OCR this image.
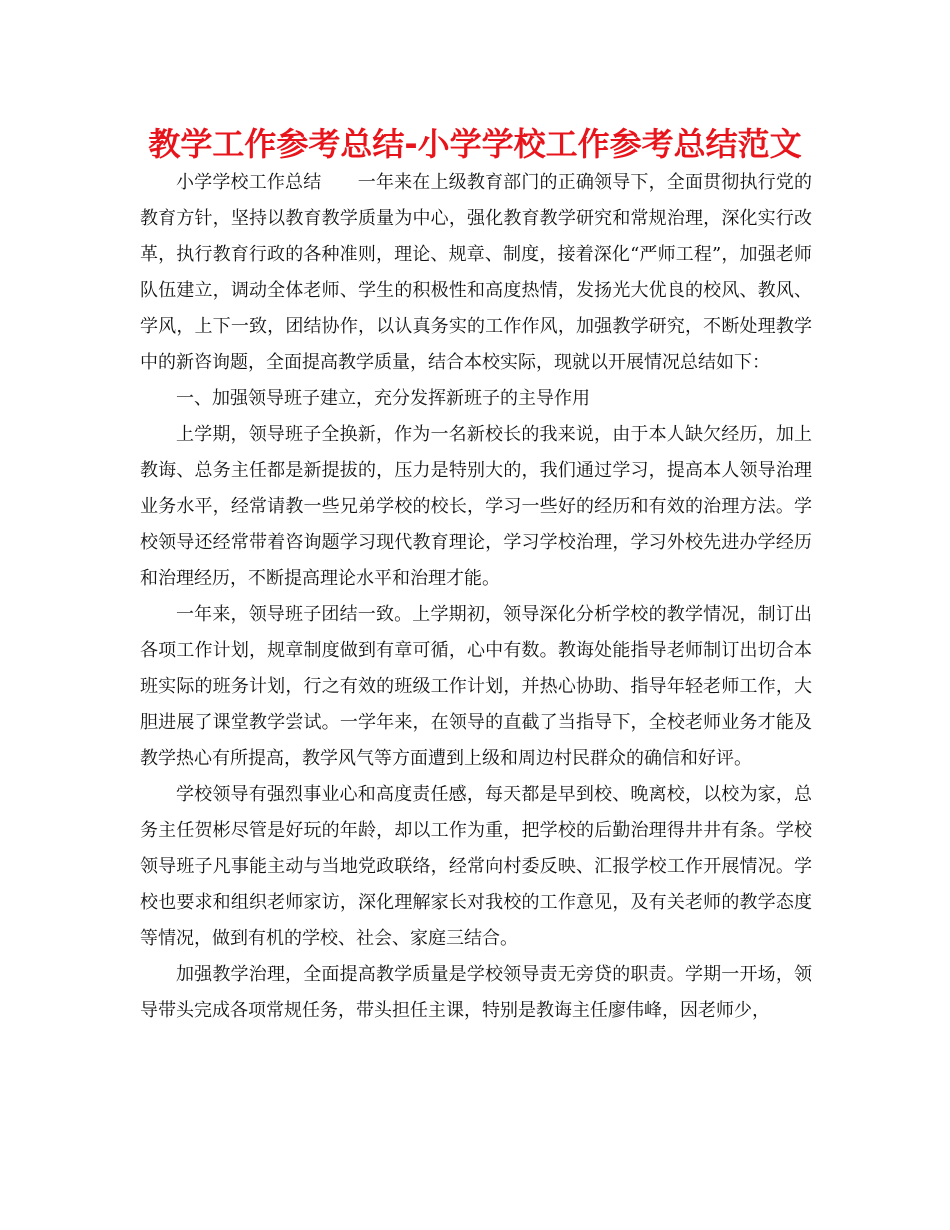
教学工作参考总结-小学学校工作参考总结范文

小学学校工作总结　　一年来在上级教育部门的正确领导下，全面贯彻执行党的教育方针，坚持以教育教学质量为中心，强化教育教学研究和常规治理，深化实行改革，执行教育行政的各种准则，理论、规章、制度，接着深化“严师工程”，加强老师队伍建立，调动全体老师、学生的积极性和高度热情，发扬光大优良的校风、教风、学风，上下一致，团结协作，以认真务实的工作作风，加强教学研究，不断处理教学中的新咨询题，全面提高教学质量，结合本校实际，现就以开展情况总结如下：

一、加强领导班子建立，充分发挥新班子的主导作用

上学期，领导班子全换新，作为一名新校长的我来说，由于本人缺欠经历，加上教诲、总务主任都是新提拔的，压力是特别大的，我们通过学习，提高本人领导治理业务水平，经常请教一些兄弟学校的校长，学习一些好的经历和有效的治理方法。学校领导还经常带着咨询题学习现代教育理论，学习学校治理，学习外校先进办学经历和治理经历，不断提高理论水平和治理才能。

一年来，领导班子团结一致。上学期初，领导深化分析学校的教学情况，制订出各项工作计划，规章制度做到有章可循，心中有数。教诲处能指导老师制订出切合本班实际的班务计划，行之有效的班级工作计划，并热心协助、指导年轻老师工作，大胆进展了课堂教学尝试。一学年来，在领导的直截了当指导下，全校老师业务才能及教学热心有所提高，教学风气等方面遭到上级和周边村民群众的确信和好评。

学校领导有强烈事业心和高度责任感，每天都是早到校、晚离校，以校为家，总务主任贺彬尽管是好玩的年龄，却以工作为重，把学校的后勤治理得井井有条。学校领导班子凡事能主动与当地党政联络，经常向村委反映、汇报学校工作开展情况。学校也要求和组织老师家访，深化理解家长对我校的工作意见，及有关老师的教学态度等情况，做到有机的学校、社会、家庭三结合。

加强教学治理，全面提高教学质量是学校领导责无旁贷的职责。学期一开场，领导带头完成各项常规任务，带头担任主课，特别是教诲主任廖伟峰，因老师少，
